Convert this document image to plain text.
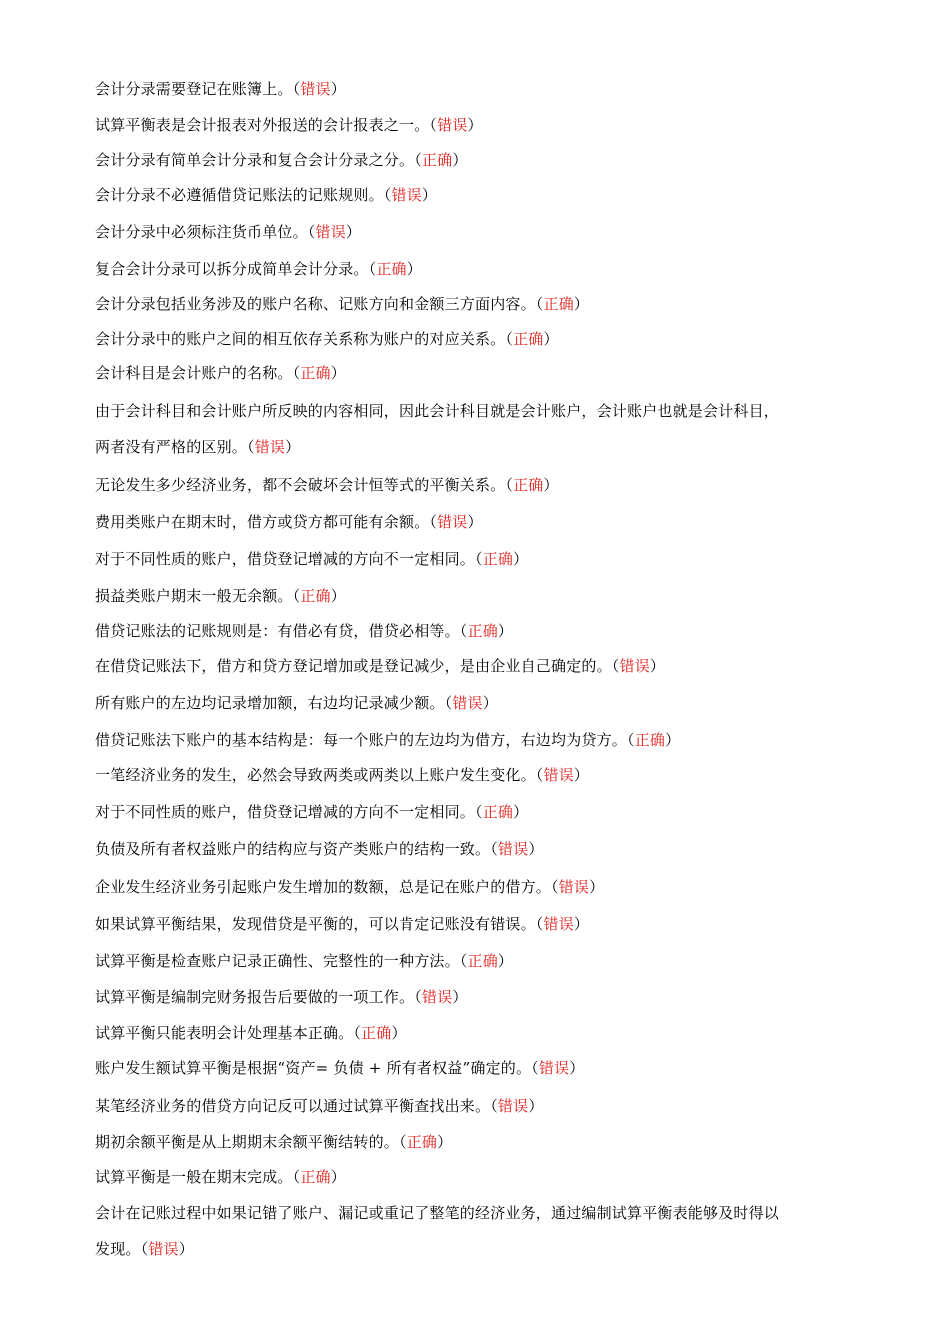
会计分录需要登记在账簿上。（错误）
试算平衡表是会计报表对外报送的会计报表之一。（错误）
会计分录有简单会计分录和复合会计分录之分。（正确）
会计分录不必遵循借贷记账法的记账规则。（错误）
会计分录中必须标注货币单位。（错误）
复合会计分录可以拆分成简单会计分录。（正确）
会计分录包括业务涉及的账户名称、记账方向和金额三方面内容。（正确）
会计分录中的账户之间的相互依存关系称为账户的对应关系。（正确）
会计科目是会计账户的名称。（正确）
由于会计科目和会计账户所反映的内容相同，因此会计科目就是会计账户，会计账户也就是会计科目，
两者没有严格的区别。（错误）
无论发生多少经济业务，都不会破坏会计恒等式的平衡关系。（正确）
费用类账户在期末时，借方或贷方都可能有余额。（错误）
对于不同性质的账户，借贷登记增减的方向不一定相同。（正确）
损益类账户期末一般无余额。（正确）
借贷记账法的记账规则是：有借必有贷，借贷必相等。（正确）
在借贷记账法下，借方和贷方登记增加或是登记减少，是由企业自己确定的。（错误）
所有账户的左边均记录增加额，右边均记录减少额。（错误）
借贷记账法下账户的基本结构是：每一个账户的左边均为借方，右边均为贷方。（正确）
一笔经济业务的发生，必然会导致两类或两类以上账户发生变化。（错误）
对于不同性质的账户，借贷登记增减的方向不一定相同。（正确）
负债及所有者权益账户的结构应与资产类账户的结构一致。（错误）
企业发生经济业务引起账户发生增加的数额，总是记在账户的借方。（错误）
如果试算平衡结果，发现借贷是平衡的，可以肯定记账没有错误。（错误）
试算平衡是检查账户记录正确性、完整性的一种方法。（正确）
试算平衡是编制完财务报告后要做的一项工作。（错误）
试算平衡只能表明会计处理基本正确。（正确）
账户发生额试算平衡是根据“资产= 负债 + 所有者权益”确定的。（错误）
某笔经济业务的借贷方向记反可以通过试算平衡查找出来。（错误）
期初余额平衡是从上期期末余额平衡结转的。（正确）
试算平衡是一般在期末完成。（正确）
会计在记账过程中如果记错了账户、漏记或重记了整笔的经济业务，通过编制试算平衡表能够及时得以
发现。（错误）
